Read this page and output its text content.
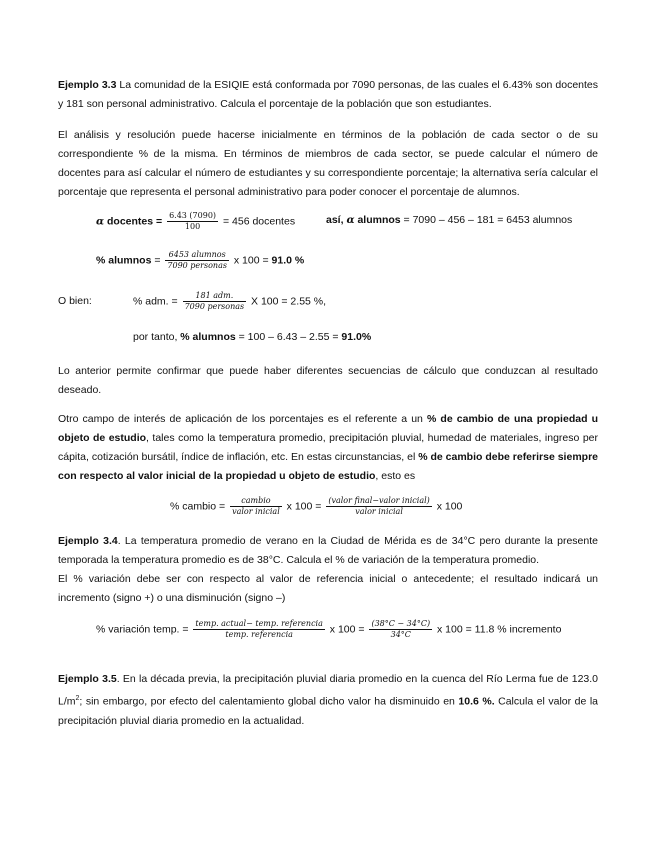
Ejemplo 3.3 La comunidad de la ESIQIE está conformada por 7090 personas, de las cuales el 6.43% son docentes y 181 son personal administrativo. Calcula el porcentaje de la población que son estudiantes.
El análisis y resolución puede hacerse inicialmente en términos de la población de cada sector o de su correspondiente % de la misma. En términos de miembros de cada sector, se puede calcular el número de docentes para así calcular el número de estudiantes y su correspondiente porcentaje; la alternativa sería calcular el porcentaje que representa el personal administrativo para poder conocer el porcentaje de alumnos.
α docentes = $\frac{6.43 (7090)}{100} = 456$ docentes	así, α alumnos = 7090 – 456 – 181 = 6453 alumnos
% alumnos = $\frac{\text{6453 alumnos}}{\text{7090 personas}}$ x 100 = 91.0 %
O bien:	% adm. = $\frac{\text{181 adm.}}{\text{7090 personas}}$ X 100 = 2.55 %,
por tanto, % alumnos = 100 – 6.43 – 2.55 = 91.0%
Lo anterior permite confirmar que puede haber diferentes secuencias de cálculo que conduzcan al resultado deseado.
Otro campo de interés de aplicación de los porcentajes es el referente a un % de cambio de una propiedad u objeto de estudio, tales como la temperatura promedio, precipitación pluvial, humedad de materiales, ingreso per cápita, cotización bursátil, índice de inflación, etc. En estas circunstancias, el % de cambio debe referirse siempre con respecto al valor inicial de la propiedad u objeto de estudio, esto es
% cambio = $\frac{\text{cambio}}{\text{valor inicial}}$ x $100 = \frac{\text{(valor final−valor inicial)}}{\text{valor inicial}}$ x 100
Ejemplo 3.4. La temperatura promedio de verano en la Ciudad de Mérida es de 34°C pero durante la presente temporada la temperatura promedio es de 38°C. Calcula el % de variación de la temperatura promedio.
El % variación debe ser con respecto al valor de referencia inicial o antecedente; el resultado indicará un incremento (signo +) o una disminución (signo –)
% variación temp. = $\frac{\text{temp. actual− temp. referencia}}{\text{temp. referencia}}$ x $100 = \frac{(38^\circ C - 34^\circ C)}{34^\circ C}$ x 100 = 11.8 % incremento
Ejemplo 3.5. En la década previa, la precipitación pluvial diaria promedio en la cuenca del Río Lerma fue de 123.0 $L/m^2$; sin embargo, por efecto del calentamiento global dicho valor ha disminuido en 10.6 %. Calcula el valor de la precipitación pluvial diaria promedio en la actualidad.
